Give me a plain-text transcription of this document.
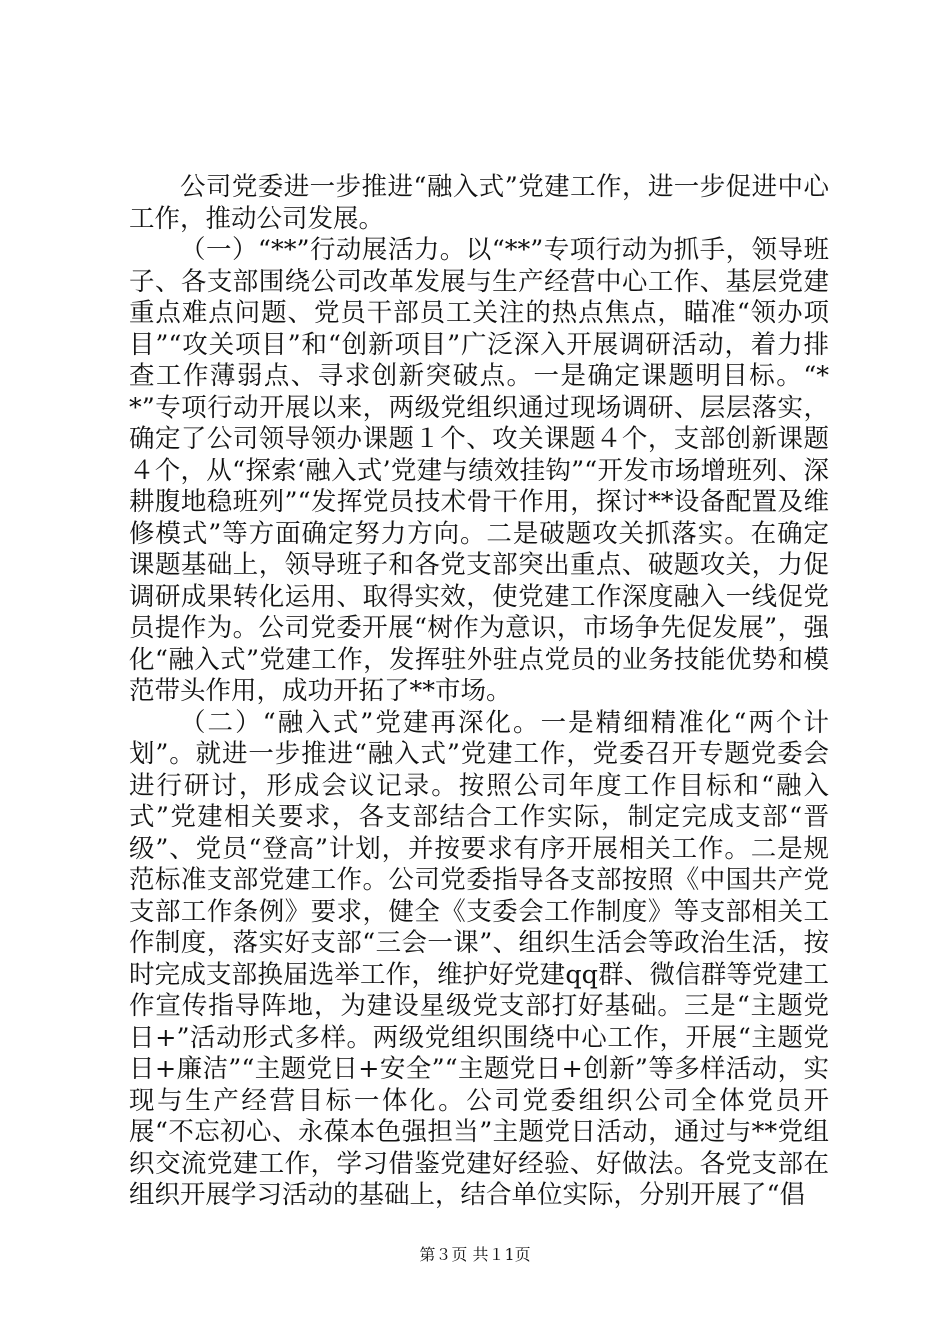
公司党委进一步推进“融入式”党建工作，进一步促进中心工作，推动公司发展。

（一）“**”行动展活力。以“**”专项行动为抓手，领导班子、各支部围绕公司改革发展与生产经营中心工作、基层党建重点难点问题、党员干部员工关注的热点焦点，瞄准“领办项目”“攻关项目”和“创新项目”广泛深入开展调研活动，着力排查工作薄弱点、寻求创新突破点。一是确定课题明目标。“**”专项行动开展以来，两级党组织通过现场调研、层层落实，确定了公司领导领办课题１个、攻关课题４个，支部创新课题４个，从“探索‘融入式’党建与绩效挂钩”“开发市场增班列、深耕腹地稳班列”“发挥党员技术骨干作用，探讨**设备配置及维修模式”等方面确定努力方向。二是破题攻关抓落实。在确定课题基础上，领导班子和各党支部突出重点、破题攻关，力促调研成果转化运用、取得实效，使党建工作深度融入一线促党员提作为。公司党委开展“树作为意识，市场争先促发展”，强化“融入式”党建工作，发挥驻外驻点党员的业务技能优势和模范带头作用，成功开拓了**市场。

（二）“融入式”党建再深化。一是精细精准化“两个计划”。就进一步推进“融入式”党建工作，党委召开专题党委会进行研讨，形成会议记录。按照公司年度工作目标和“融入式”党建相关要求，各支部结合工作实际，制定完成支部“晋级”、党员“登高”计划，并按要求有序开展相关工作。二是规范标准支部党建工作。公司党委指导各支部按照《中国共产党支部工作条例》要求，健全《支委会工作制度》等支部相关工作制度，落实好支部“三会一课”、组织生活会等政治生活，按时完成支部换届选举工作，维护好党建qq群、微信群等党建工作宣传指导阵地，为建设星级党支部打好基础。三是“主题党日+”活动形式多样。两级党组织围绕中心工作，开展“主题党日+廉洁”“主题党日+安全”“主题党日+创新”等多样活动，实现与生产经营目标一体化。公司党委组织公司全体党员开展“不忘初心、永葆本色强担当”主题党日活动，通过与**党组织交流党建工作，学习借鉴党建好经验、好做法。各党支部在组织开展学习活动的基础上，结合单位实际，分别开展了“倡

第３页 共１1页
